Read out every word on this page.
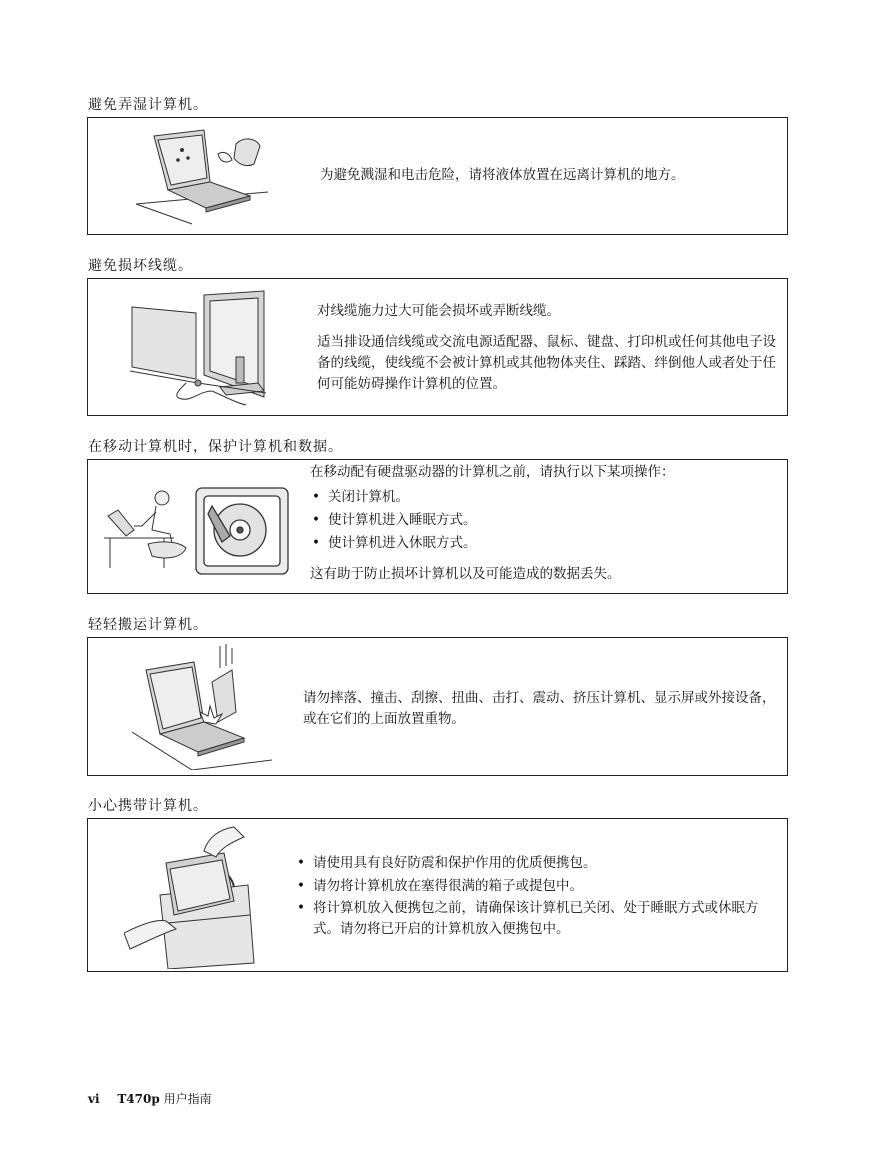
避免弄湿计算机。

为避免溅湿和电击危险，请将液体放置在远离计算机的地方。

避免损坏线缆。

对线缆施力过大可能会损坏或弄断线缆。

适当排设通信线缆或交流电源适配器、鼠标、键盘、打印机或任何其他电子设备的线缆，使线缆不会被计算机或其他物体夹住、踩踏、绊倒他人或者处于任何可能妨碍操作计算机的位置。

在移动计算机时，保护计算机和数据。

在移动配有硬盘驱动器的计算机之前，请执行以下某项操作：

• 关闭计算机。
• 使计算机进入睡眠方式。
• 使计算机进入休眠方式。

这有助于防止损坏计算机以及可能造成的数据丢失。

轻轻搬运计算机。

请勿摔落、撞击、刮擦、扭曲、击打、震动、挤压计算机、显示屏或外接设备，或在它们的上面放置重物。

小心携带计算机。
• 请使用具有良好防震和保护作用的优质便携包。
• 请勿将计算机放在塞得很满的箱子或提包中。
• 将计算机放入便携包之前，请确保该计算机已关闭、处于睡眠方式或休眠方式。请勿将已开启的计算机放入便携包中。
vi T470p 用户指南
